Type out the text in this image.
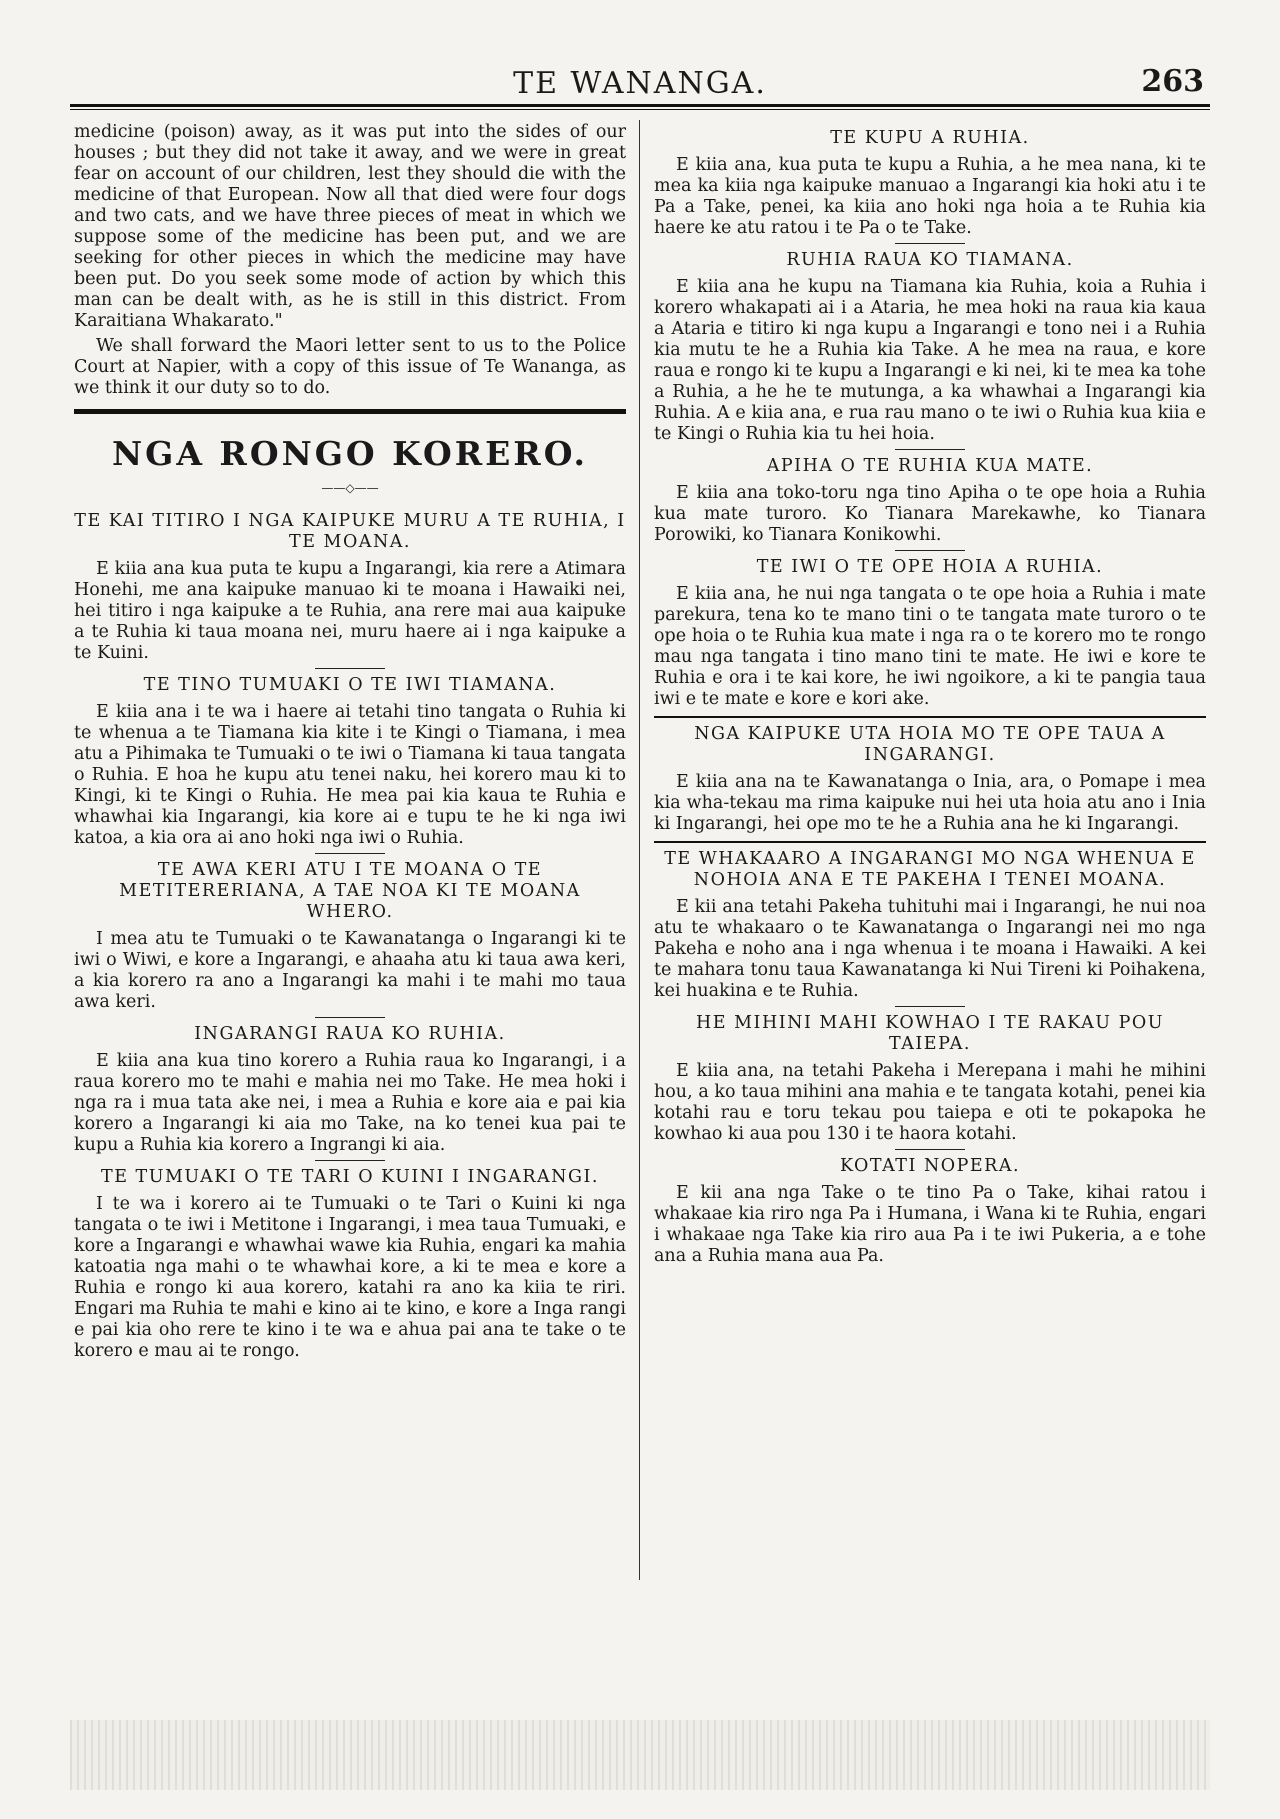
TE WANANGA.	263

medicine (poison) away, as it was put into the sides of our houses ; but they did not take it away, and we were in great fear on account of our children, lest they should die with the medicine of that European. Now all that died were four dogs and two cats, and we have three pieces of meat in which we suppose some of the medicine has been put, and we are seeking for other pieces in which the medicine may have been put. Do you seek some mode of action by which this man can be dealt with, as he is still in this district. From Karaitiana Whakarato."

We shall forward the Maori letter sent to us to the Police Court at Napier, with a copy of this issue of Te Wananga, as we think it our duty so to do.

NGA RONGO KORERO.
——◇——
TE KAI TITIRO I NGA KAIPUKE MURU A TE RUHIA, I TE MOANA.

E kiia ana kua puta te kupu a Ingarangi, kia rere a Atimara Honehi, me ana kaipuke manuao ki te moana i Hawaiki nei, hei titiro i nga kaipuke a te Ruhia, ana rere mai aua kaipuke a te Ruhia ki taua moana nei, muru haere ai i nga kaipuke a te Kuini.

TE TINO TUMUAKI O TE IWI TIAMANA.

E kiia ana i te wa i haere ai tetahi tino tangata o Ruhia ki te whenua a te Tiamana kia kite i te Kingi o Tiamana, i mea atu a Pihimaka te Tumuaki o te iwi o Tiamana ki taua tangata o Ruhia. E hoa he kupu atu tenei naku, hei korero mau ki to Kingi, ki te Kingi o Ruhia. He mea pai kia kaua te Ruhia e whawhai kia Ingarangi, kia kore ai e tupu te he ki nga iwi katoa, a kia ora ai ano hoki nga iwi o Ruhia.

TE AWA KERI ATU I TE MOANA O TE METITERERIANA, A TAE NOA KI TE MOANA WHERO.

I mea atu te Tumuaki o te Kawanatanga o Ingarangi ki te iwi o Wiwi, e kore a Ingarangi, e ahaaha atu ki taua awa keri, a kia korero ra ano a Ingarangi ka mahi i te mahi mo taua awa keri.

INGARANGI RAUA KO RUHIA.

E kiia ana kua tino korero a Ruhia raua ko Ingarangi, i a raua korero mo te mahi e mahia nei mo Take. He mea hoki i nga ra i mua tata ake nei, i mea a Ruhia e kore aia e pai kia korero a Ingarangi ki aia mo Take, na ko tenei kua pai te kupu a Ruhia kia korero a Ingrangi ki aia.

TE TUMUAKI O TE TARI O KUINI I INGARANGI.

I te wa i korero ai te Tumuaki o te Tari o Kuini ki nga tangata o te iwi i Metitone i Ingarangi, i mea taua Tumuaki, e kore a Ingarangi e whawhai wawe kia Ruhia, engari ka mahia katoatia nga mahi o te whawhai kore, a ki te mea e kore a Ruhia e rongo ki aua korero, katahi ra ano ka kiia te riri. Engari ma Ruhia te mahi e kino ai te kino, e kore a Inga rangi e pai kia oho rere te kino i te wa e ahua pai ana te take o te korero e mau ai te rongo.

TE KUPU A RUHIA.

E kiia ana, kua puta te kupu a Ruhia, a he mea nana, ki te mea ka kiia nga kaipuke manuao a Ingarangi kia hoki atu i te Pa a Take, penei, ka kiia ano hoki nga hoia a te Ruhia kia haere ke atu ratou i te Pa o te Take.

RUHIA RAUA KO TIAMANA.

E kiia ana he kupu na Tiamana kia Ruhia, koia a Ruhia i korero whakapati ai i a Ataria, he mea hoki na raua kia kaua a Ataria e titiro ki nga kupu a Ingarangi e tono nei i a Ruhia kia mutu te he a Ruhia kia Take. A he mea na raua, e kore raua e rongo ki te kupu a Ingarangi e ki nei, ki te mea ka tohe a Ruhia, a he he te mutunga, a ka whawhai a Ingarangi kia Ruhia. A e kiia ana, e rua rau mano o te iwi o Ruhia kua kiia e te Kingi o Ruhia kia tu hei hoia.

APIHA O TE RUHIA KUA MATE.

E kiia ana toko-toru nga tino Apiha o te ope hoia a Ruhia kua mate turoro. Ko Tianara Marekawhe, ko Tianara Porowiki, ko Tianara Konikowhi.

TE IWI O TE OPE HOIA A RUHIA.

E kiia ana, he nui nga tangata o te ope hoia a Ruhia i mate parekura, tena ko te mano tini o te tangata mate turoro o te ope hoia o te Ruhia kua mate i nga ra o te korero mo te rongo mau nga tangata i tino mano tini te mate. He iwi e kore te Ruhia e ora i te kai kore, he iwi ngoikore, a ki te pangia taua iwi e te mate e kore e kori ake.

NGA KAIPUKE UTA HOIA MO TE OPE TAUA A INGARANGI.

E kiia ana na te Kawanatanga o Inia, ara, o Pomape i mea kia wha-tekau ma rima kaipuke nui hei uta hoia atu ano i Inia ki Ingarangi, hei ope mo te he a Ruhia ana he ki Ingarangi.

TE WHAKAARO A INGARANGI MO NGA WHENUA E NOHOIA ANA E TE PAKEHA I TENEI MOANA.

E kii ana tetahi Pakeha tuhituhi mai i Ingarangi, he nui noa atu te whakaaro o te Kawanatanga o Ingarangi nei mo nga Pakeha e noho ana i nga whenua i te moana i Hawaiki. A kei te mahara tonu taua Kawanatanga ki Nui Tireni ki Poihakena, kei huakina e te Ruhia.

HE MIHINI MAHI KOWHAO I TE RAKAU POU TAIEPA.

E kiia ana, na tetahi Pakeha i Merepana i mahi he mihini hou, a ko taua mihini ana mahia e te tangata kotahi, penei kia kotahi rau e toru tekau pou taiepa e oti te pokapoka he kowhao ki aua pou 130 i te haora kotahi.

KOTATI NOPERA.

E kii ana nga Take o te tino Pa o Take, kihai ratou i whakaae kia riro nga Pa i Humana, i Wana ki te Ruhia, engari i whakaae nga Take kia riro aua Pa i te iwi Pukeria, a e tohe ana a Ruhia mana aua Pa.
